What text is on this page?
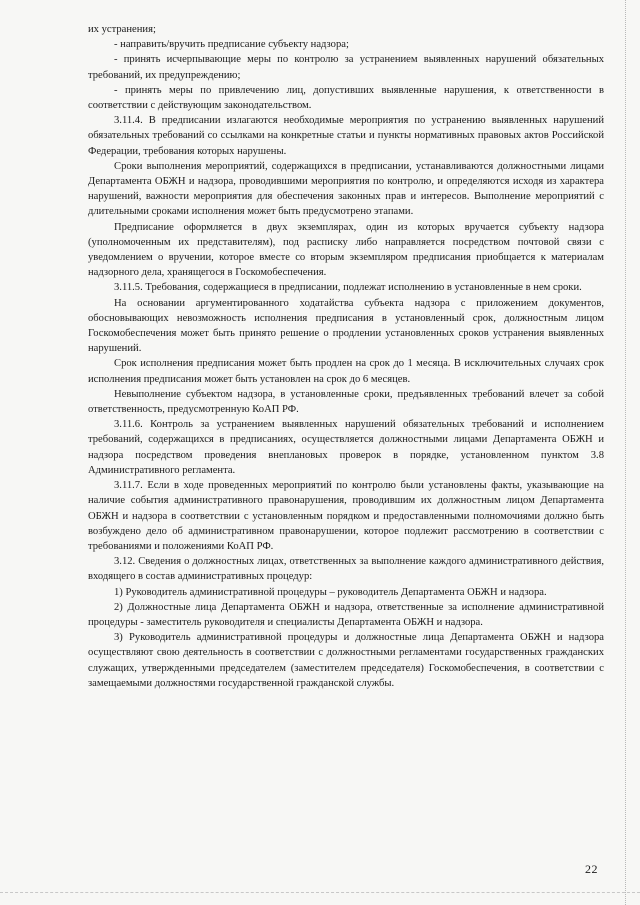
их устранения;

- направить/вручить предписание субъекту надзора;

- принять исчерпывающие меры по контролю за устранением выявленных нарушений обязательных требований, их предупреждению;

- принять меры по привлечению лиц, допустивших выявленные нарушения, к ответственности в соответствии с действующим законодательством.

3.11.4. В предписании излагаются необходимые мероприятия по устранению выявленных нарушений обязательных требований со ссылками на конкретные статьи и пункты нормативных правовых актов Российской Федерации, требования которых нарушены.

Сроки выполнения мероприятий, содержащихся в предписании, устанавливаются должностными лицами Департамента ОБЖН и надзора, проводившими мероприятия по контролю, и определяются исходя из характера нарушений, важности мероприятия для обеспечения законных прав и интересов. Выполнение мероприятий с длительными сроками исполнения может быть предусмотрено этапами.

Предписание оформляется в двух экземплярах, один из которых вручается субъекту надзора (уполномоченным их представителям), под расписку либо направляется посредством почтовой связи с уведомлением о вручении, которое вместе со вторым экземпляром предписания приобщается к материалам надзорного дела, хранящегося в Госкомобеспечения.

3.11.5. Требования, содержащиеся в предписании, подлежат исполнению в установленные в нем сроки.

На основании аргументированного ходатайства субъекта надзора с приложением документов, обосновывающих невозможность исполнения предписания в установленный срок, должностным лицом Госкомобеспечения может быть принято решение о продлении установленных сроков устранения выявленных нарушений.

Срок исполнения предписания может быть продлен на срок до 1 месяца. В исключительных случаях срок исполнения предписания может быть установлен на срок до 6 месяцев.

Невыполнение субъектом надзора, в установленные сроки, предъявленных требований влечет за собой ответственность, предусмотренную КоАП РФ.

3.11.6. Контроль за устранением выявленных нарушений обязательных требований и исполнением требований, содержащихся в предписаниях, осуществляется должностными лицами Департамента ОБЖН и надзора посредством проведения внеплановых проверок в порядке, установленном пунктом 3.8 Административного регламента.

3.11.7. Если в ходе проведенных мероприятий по контролю были установлены факты, указывающие на наличие события административного правонарушения, проводившим их должностным лицом Департамента ОБЖН и надзора в соответствии с установленным порядком и предоставленными полномочиями должно быть возбуждено дело об административном правонарушении, которое подлежит рассмотрению в соответствии с требованиями и положениями КоАП РФ.

3.12. Сведения о должностных лицах, ответственных за выполнение каждого административного действия, входящего в состав административных процедур:

1) Руководитель административной процедуры – руководитель Департамента ОБЖН и надзора.

2) Должностные лица Департамента ОБЖН и надзора, ответственные за исполнение административной процедуры - заместитель руководителя и специалисты Департамента ОБЖН и надзора.

3) Руководитель административной процедуры и должностные лица Департамента ОБЖН и надзора осуществляют свою деятельность в соответствии с должностными регламентами государственных гражданских служащих, утвержденными председателем (заместителем председателя) Госкомобеспечения, в соответствии с замещаемыми должностями государственной гражданской службы.

22
